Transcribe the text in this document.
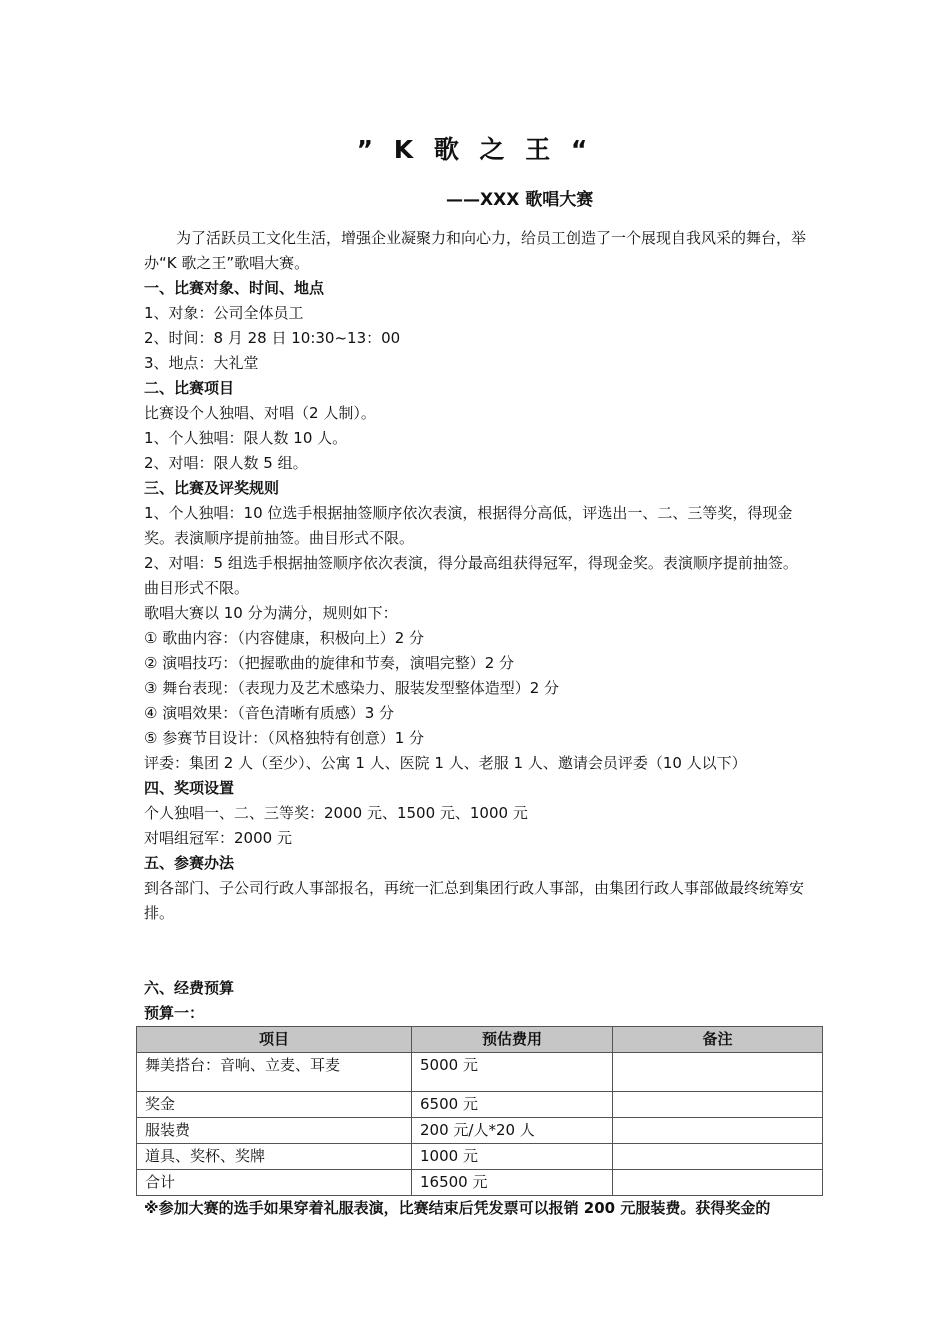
” K 歌 之 王 “
——XXX 歌唱大赛

为了活跃员工文化生活，增强企业凝聚力和向心力，给员工创造了一个展现自我风采的舞台，举办“K 歌之王”歌唱大赛。

一、比赛对象、时间、地点

1、对象：公司全体员工

2、时间：8 月 28 日 10:30~13：00

3、地点：大礼堂

二、比赛项目

比赛设个人独唱、对唱（2 人制）。

1、个人独唱：限人数 10 人。

2、对唱：限人数 5 组。

三、比赛及评奖规则

1、个人独唱：10 位选手根据抽签顺序依次表演，根据得分高低，评选出一、二、三等奖，得现金奖。表演顺序提前抽签。曲目形式不限。

2、对唱：5 组选手根据抽签顺序依次表演，得分最高组获得冠军，得现金奖。表演顺序提前抽签。曲目形式不限。

歌唱大赛以 10 分为满分，规则如下：

① 歌曲内容：（内容健康，积极向上）2 分

② 演唱技巧：（把握歌曲的旋律和节奏，演唱完整）2 分

③ 舞台表现：（表现力及艺术感染力、服装发型整体造型）2 分

④ 演唱效果：（音色清晰有质感）3 分

⑤ 参赛节目设计：（风格独特有创意）1 分

评委：集团 2 人（至少）、公寓 1 人、医院 1 人、老服 1 人、邀请会员评委（10 人以下）

四、奖项设置

个人独唱一、二、三等奖：2000 元、1500 元、1000 元

对唱组冠军：2000 元

五、参赛办法

到各部门、子公司行政人事部报名，再统一汇总到集团行政人事部，由集团行政人事部做最终统筹安排。

六、经费预算

预算一：

项目	预估费用	备注
舞美搭台：音响、立麦、耳麦	5000 元	
奖金	6500 元	
服装费	200 元/人*20 人	
道具、奖杯、奖牌	1000 元	
合计	16500 元	

※参加大赛的选手如果穿着礼服表演，比赛结束后凭发票可以报销 200 元服装费。获得奖金的
